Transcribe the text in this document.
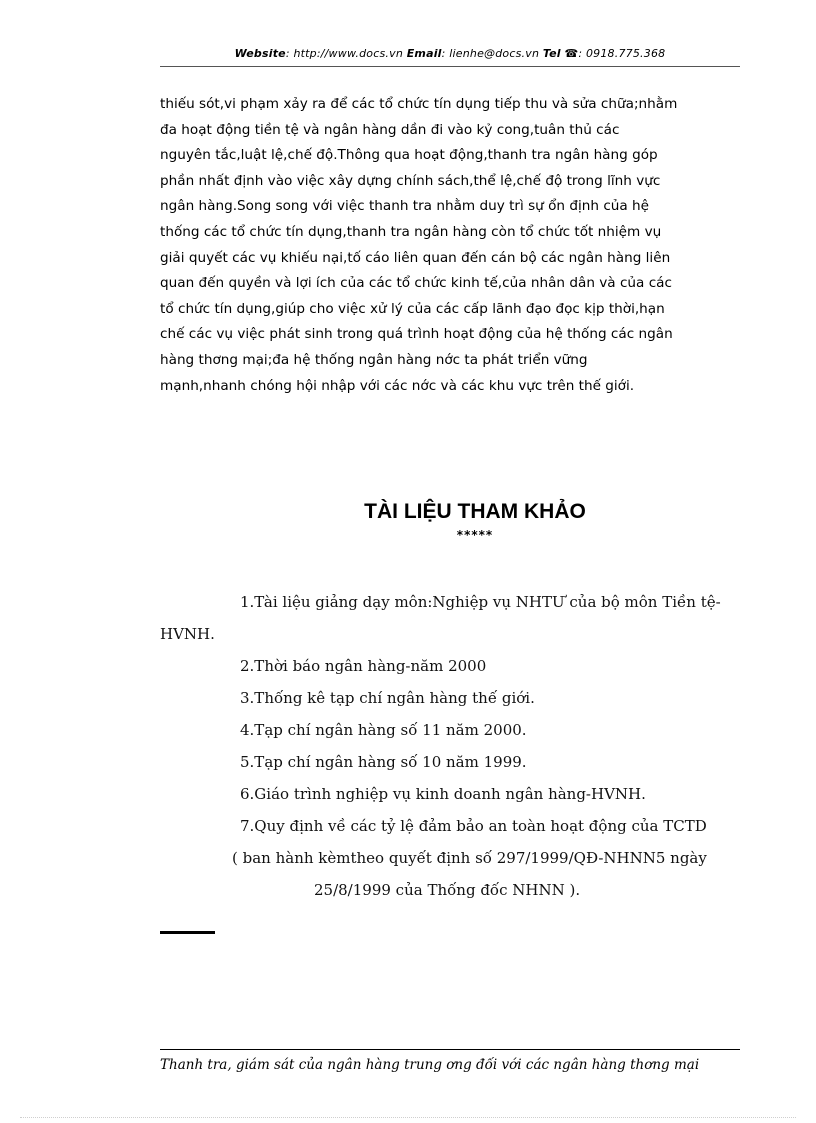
Website: http://www.docs.vn Email: lienhe@docs.vn Tel ☎: 0918.775.368
thiếu sót,vi phạm xảy ra để các tổ chức tín dụng tiếp thu và sửa chữa;nhằm
đa hoạt động tiền tệ và ngân hàng dần đi vào kỷ cong,tuân thủ các
nguyên tắc,luật lệ,chế độ.Thông qua hoạt động,thanh tra ngân hàng góp
phần nhất định vào việc xây dựng chính sách,thể lệ,chế độ trong lĩnh vực
ngân hàng.Song song với việc thanh tra nhằm duy trì sự ổn định của hệ
thống các tổ chức tín dụng,thanh tra ngân hàng còn tổ chức tốt nhiệm vụ
giải quyết các vụ khiếu nại,tố cáo liên quan đến cán bộ các ngân hàng liên
quan đến quyền và lợi ích của các tổ chức kinh tế,của nhân dân và của các
tổ chức tín dụng,giúp cho việc xử lý của các cấp lãnh đạo đọc kịp thời,hạn
chế các vụ việc phát sinh trong quá trình hoạt động của hệ thống các ngân
hàng thơng mại;đa hệ thống ngân hàng nớc ta phát triển vững
mạnh,nhanh chóng hội nhập với các nớc và các khu vực trên thế giới.
TÀI LIỆU THAM KHẢO
*****
1.Tài liệu giảng dạy môn:Nghiệp vụ NHTƯ của bộ môn Tiền tệ-
HVNH.
2.Thời báo ngân hàng-năm 2000
3.Thống kê tạp chí ngân hàng thế giới.
4.Tạp chí ngân hàng số 11 năm 2000.
5.Tạp chí ngân hàng số 10 năm 1999.
6.Giáo trình nghiệp vụ kinh doanh ngân hàng-HVNH.
7.Quy định về các tỷ lệ đảm bảo an toàn hoạt động của TCTD
( ban hành kèmtheo quyết định số 297/1999/QĐ-NHNN5 ngày
25/8/1999 của Thống đốc NHNN ).
Thanh tra, giám sát của ngân hàng trung ơng đối với các ngân hàng thơng mại
